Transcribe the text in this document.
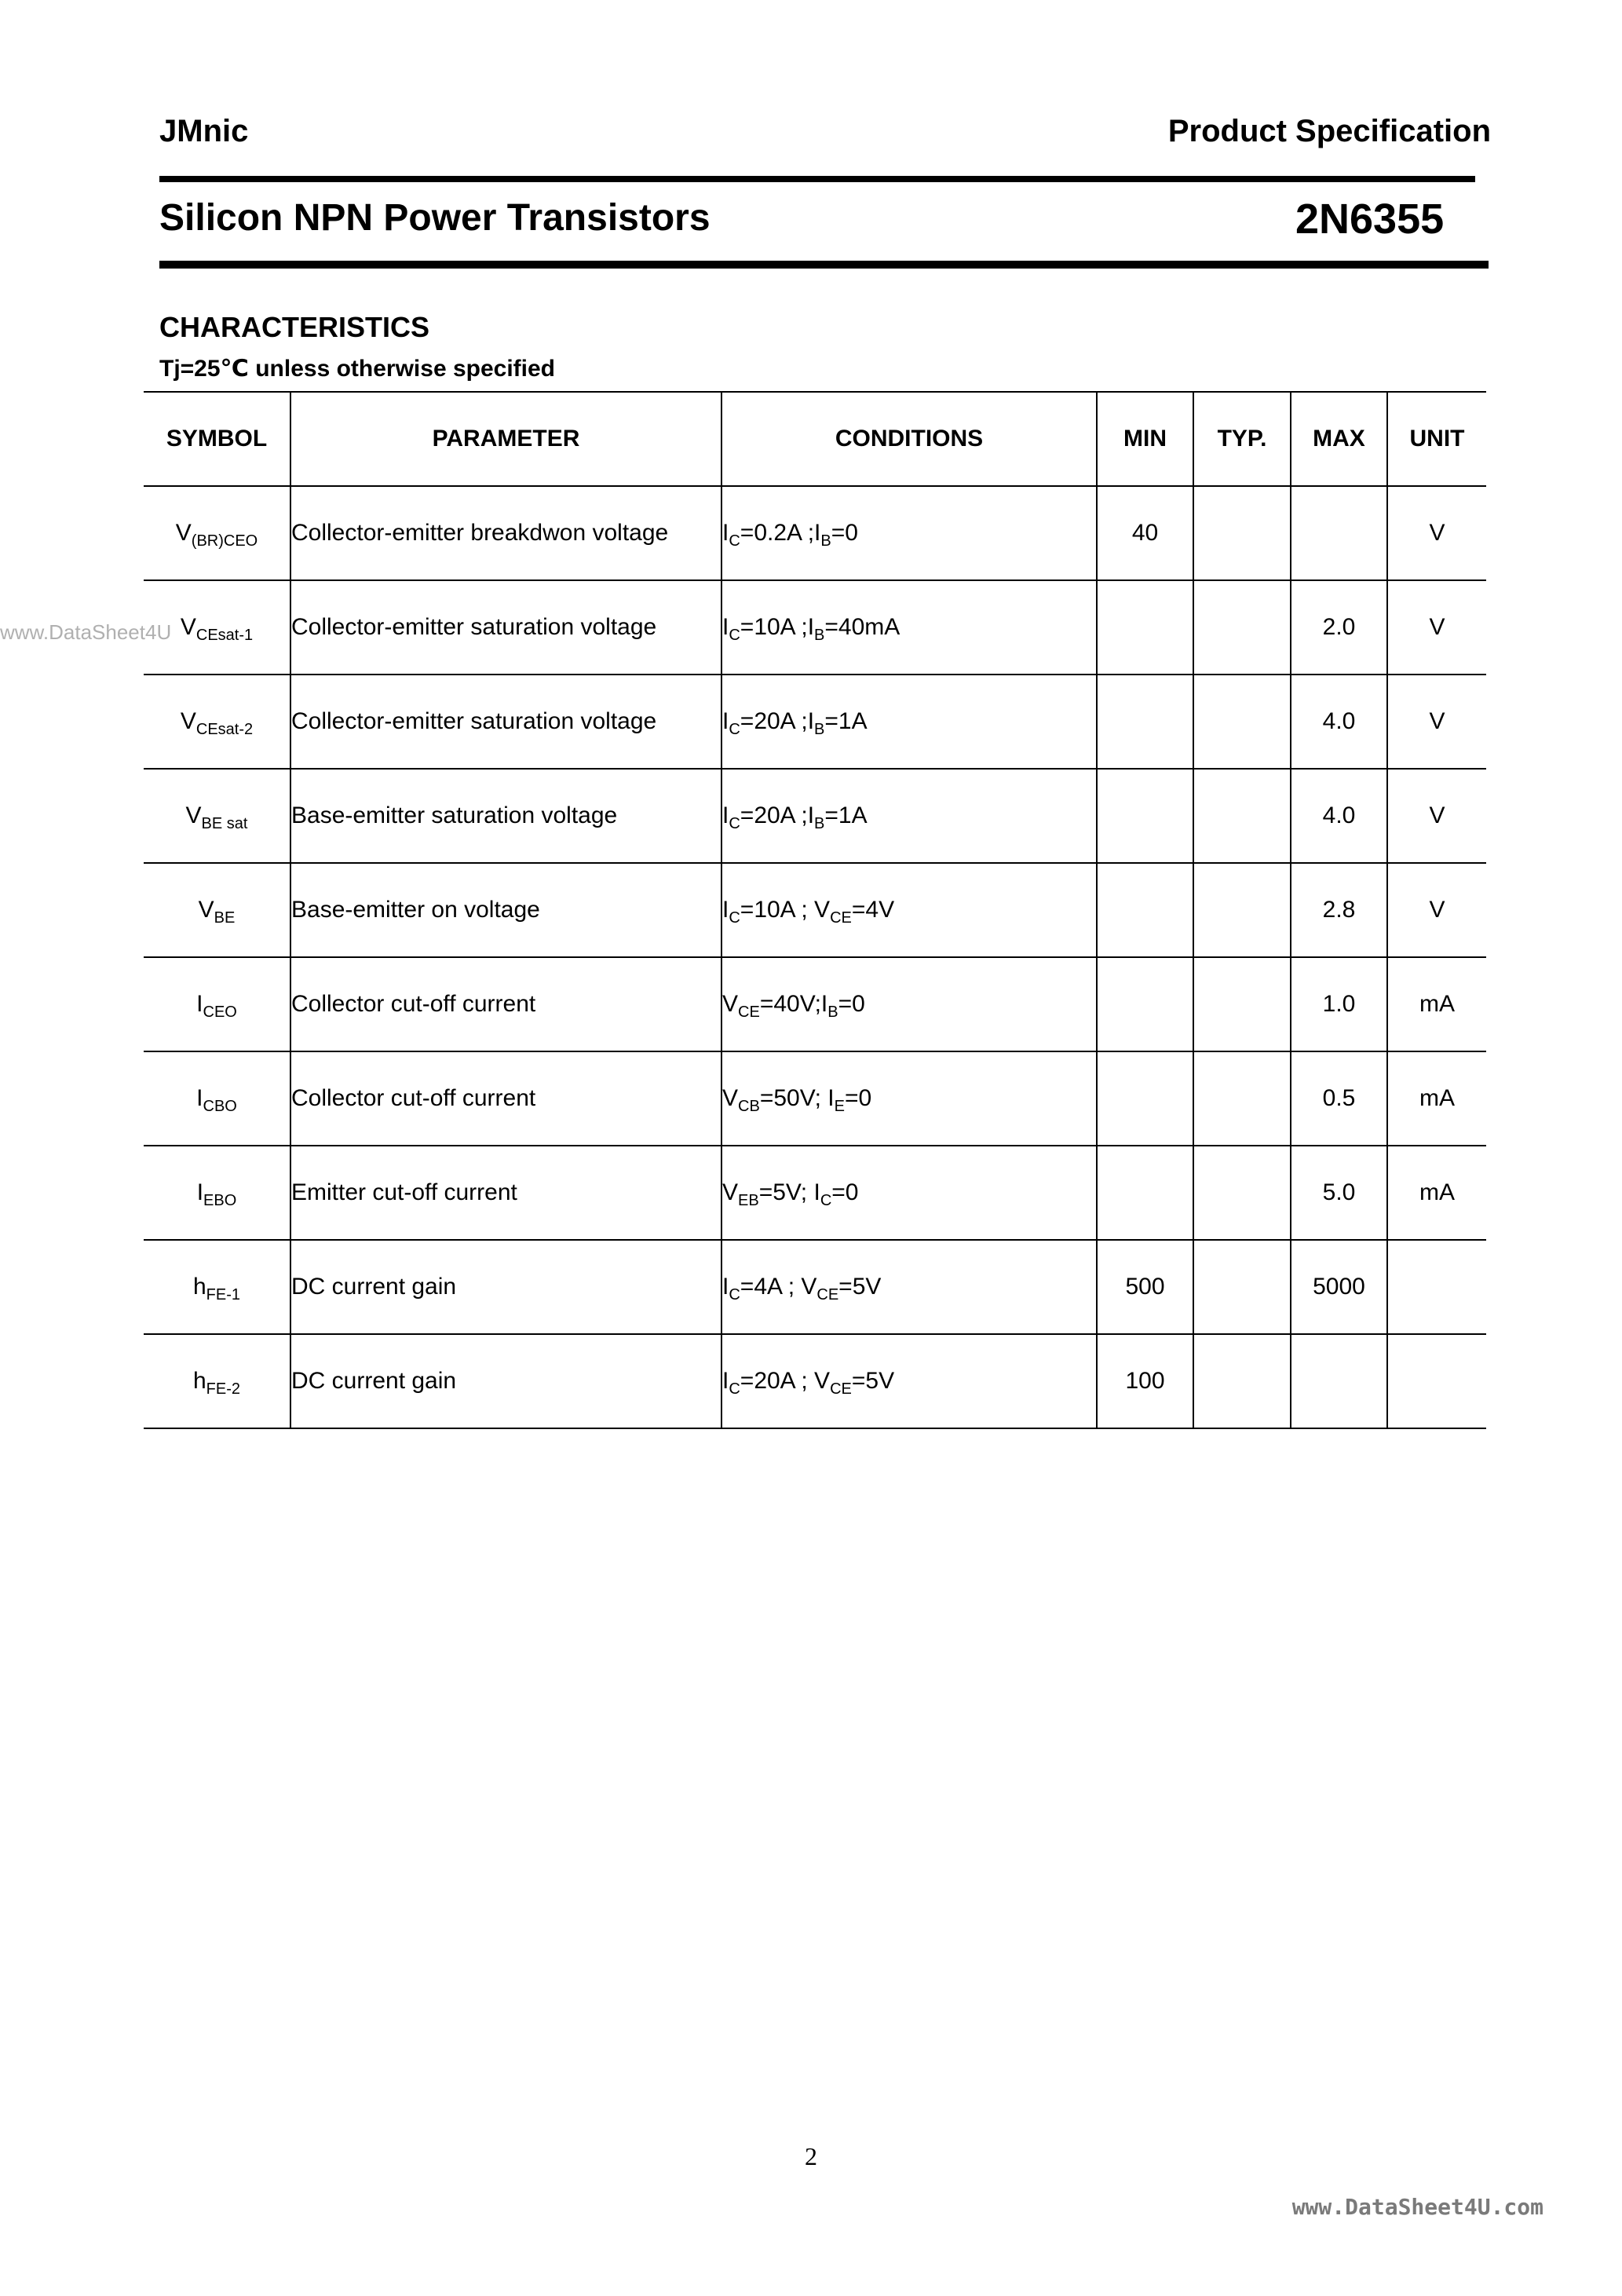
JMnic	Product Specification
Silicon NPN Power Transistors	2N6355
CHARACTERISTICS
Tj=25℃ unless otherwise specified
SYMBOL	PARAMETER	CONDITIONS	MIN	TYP.	MAX	UNIT
$V_{(BR)CEO}$	Collector-emitter breakdwon voltage	$I_C=0.2A$ $;I_B=0$	40			V
$V_{CEsat-1}$	Collector-emitter saturation voltage	$I_C=10A$ $;I_B=40mA$			2.0	V
$V_{CEsat-2}$	Collector-emitter saturation voltage	$I_C=20A$ $;I_B=1A$			4.0	V
$V_{BE sat}$	Base-emitter saturation voltage	$I_C=20A$ $;I_B=1A$			4.0	V
$V_{BE}$	Base-emitter on voltage	$I_C=10A$ ; $V_{CE}=4V$			2.8	V
$I_{CEO}$	Collector cut-off current	$V_{CE}=40V;I_B=0$			1.0	mA
$I_{CBO}$	Collector cut-off current	$V_{CB}=50V$; $I_E=0$			0.5	mA
$I_{EBO}$	Emitter cut-off current	$V_{EB}=5V$; $I_C=0$			5.0	mA
$h_{FE-1}$	DC current gain	$I_C=4A$ ; $V_{CE}=5V$	500		5000	
$h_{FE-2}$	DC current gain	$I_C=20A$ ; $V_{CE}=5V$	100			
www.DataSheet4U
2
www.DataSheet4U.com
